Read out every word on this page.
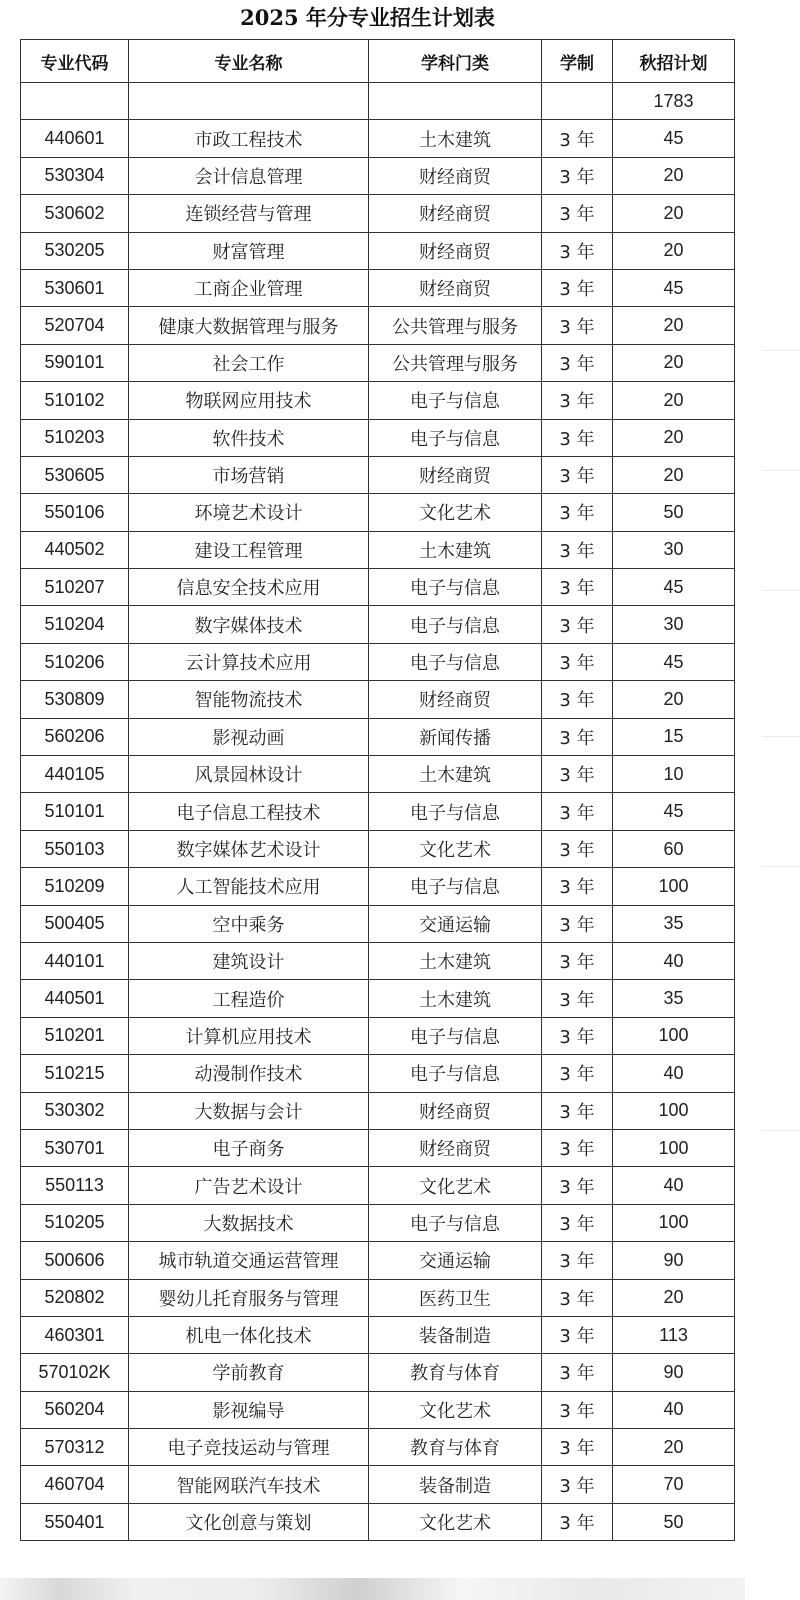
2025 年分专业招生计划表
专业代码	专业名称	学科门类	学制	秋招计划
				1783
440601	市政工程技术	土木建筑	3 年	45
530304	会计信息管理	财经商贸	3 年	20
530602	连锁经营与管理	财经商贸	3 年	20
530205	财富管理	财经商贸	3 年	20
530601	工商企业管理	财经商贸	3 年	45
520704	健康大数据管理与服务	公共管理与服务	3 年	20
590101	社会工作	公共管理与服务	3 年	20
510102	物联网应用技术	电子与信息	3 年	20
510203	软件技术	电子与信息	3 年	20
530605	市场营销	财经商贸	3 年	20
550106	环境艺术设计	文化艺术	3 年	50
440502	建设工程管理	土木建筑	3 年	30
510207	信息安全技术应用	电子与信息	3 年	45
510204	数字媒体技术	电子与信息	3 年	30
510206	云计算技术应用	电子与信息	3 年	45
530809	智能物流技术	财经商贸	3 年	20
560206	影视动画	新闻传播	3 年	15
440105	风景园林设计	土木建筑	3 年	10
510101	电子信息工程技术	电子与信息	3 年	45
550103	数字媒体艺术设计	文化艺术	3 年	60
510209	人工智能技术应用	电子与信息	3 年	100
500405	空中乘务	交通运输	3 年	35
440101	建筑设计	土木建筑	3 年	40
440501	工程造价	土木建筑	3 年	35
510201	计算机应用技术	电子与信息	3 年	100
510215	动漫制作技术	电子与信息	3 年	40
530302	大数据与会计	财经商贸	3 年	100
530701	电子商务	财经商贸	3 年	100
550113	广告艺术设计	文化艺术	3 年	40
510205	大数据技术	电子与信息	3 年	100
500606	城市轨道交通运营管理	交通运输	3 年	90
520802	婴幼儿托育服务与管理	医药卫生	3 年	20
460301	机电一体化技术	装备制造	3 年	113
570102K	学前教育	教育与体育	3 年	90
560204	影视编导	文化艺术	3 年	40
570312	电子竞技运动与管理	教育与体育	3 年	20
460704	智能网联汽车技术	装备制造	3 年	70
550401	文化创意与策划	文化艺术	3 年	50
